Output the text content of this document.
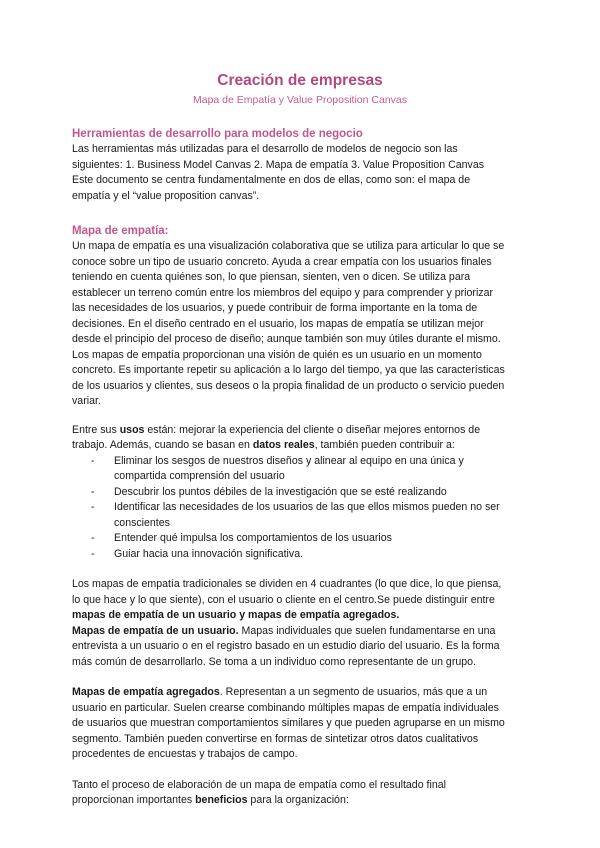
Creación de empresas

Mapa de Empatía y Value Proposition Canvas

Herramientas de desarrollo para modelos de negocio

Las herramientas más utilizadas para el desarrollo de modelos de negocio son las
siguientes: 1. Business Model Canvas 2. Mapa de empatía 3. Value Proposition Canvas
Este documento se centra fundamentalmente en dos de ellas, como son: el mapa de
empatía y el “value proposition canvas”.

Mapa de empatía:

Un mapa de empatía es una visualización colaborativa que se utiliza para articular lo que se
conoce sobre un tipo de usuario concreto. Ayuda a crear empatía con los usuarios finales
teniendo en cuenta quiénes son, lo que piensan, sienten, ven o dicen. Se utiliza para
establecer un terreno común entre los miembros del equipo y para comprender y priorizar
las necesidades de los usuarios, y puede contribuir de forma importante en la toma de
decisiones. En el diseño centrado en el usuario, los mapas de empatía se utilizan mejor
desde el principio del proceso de diseño; aunque también son muy útiles durante el mismo.
Los mapas de empatía proporcionan una visión de quién es un usuario en un momento
concreto. Es importante repetir su aplicación a lo largo del tiempo, ya que las características
de los usuarios y clientes, sus deseos o la propia finalidad de un producto o servicio pueden
variar.

Entre sus usos están: mejorar la experiencia del cliente o diseñar mejores entornos de
trabajo. Además, cuando se basan en datos reales, también pueden contribuir a:

- Eliminar los sesgos de nuestros diseños y alinear al equipo en una única y
compartida comprensión del usuario
- Descubrir los puntos débiles de la investigación que se esté realizando
- Identificar las necesidades de los usuarios de las que ellos mismos pueden no ser
conscientes
- Entender qué impulsa los comportamientos de los usuarios
- Guiar hacia una innovación significativa.

Los mapas de empatía tradicionales se dividen en 4 cuadrantes (lo que dice, lo que piensa,
lo que hace y lo que siente), con el usuario o cliente en el centro.Se puede distinguir entre
mapas de empatía de un usuario y mapas de empatía agregados.
Mapas de empatía de un usuario. Mapas individuales que suelen fundamentarse en una
entrevista a un usuario o en el registro basado en un estudio diario del usuario. Es la forma
más común de desarrollarlo. Se toma a un individuo como representante de un grupo.

Mapas de empatía agregados. Representan a un segmento de usuarios, más que a un
usuario en particular. Suelen crearse combinando múltiples mapas de empatía individuales
de usuarios que muestran comportamientos similares y que pueden agruparse en un mismo
segmento. También pueden convertirse en formas de sintetizar otros datos cualitativos
procedentes de encuestas y trabajos de campo.

Tanto el proceso de elaboración de un mapa de empatía como el resultado final
proporcionan importantes beneficios para la organización:
